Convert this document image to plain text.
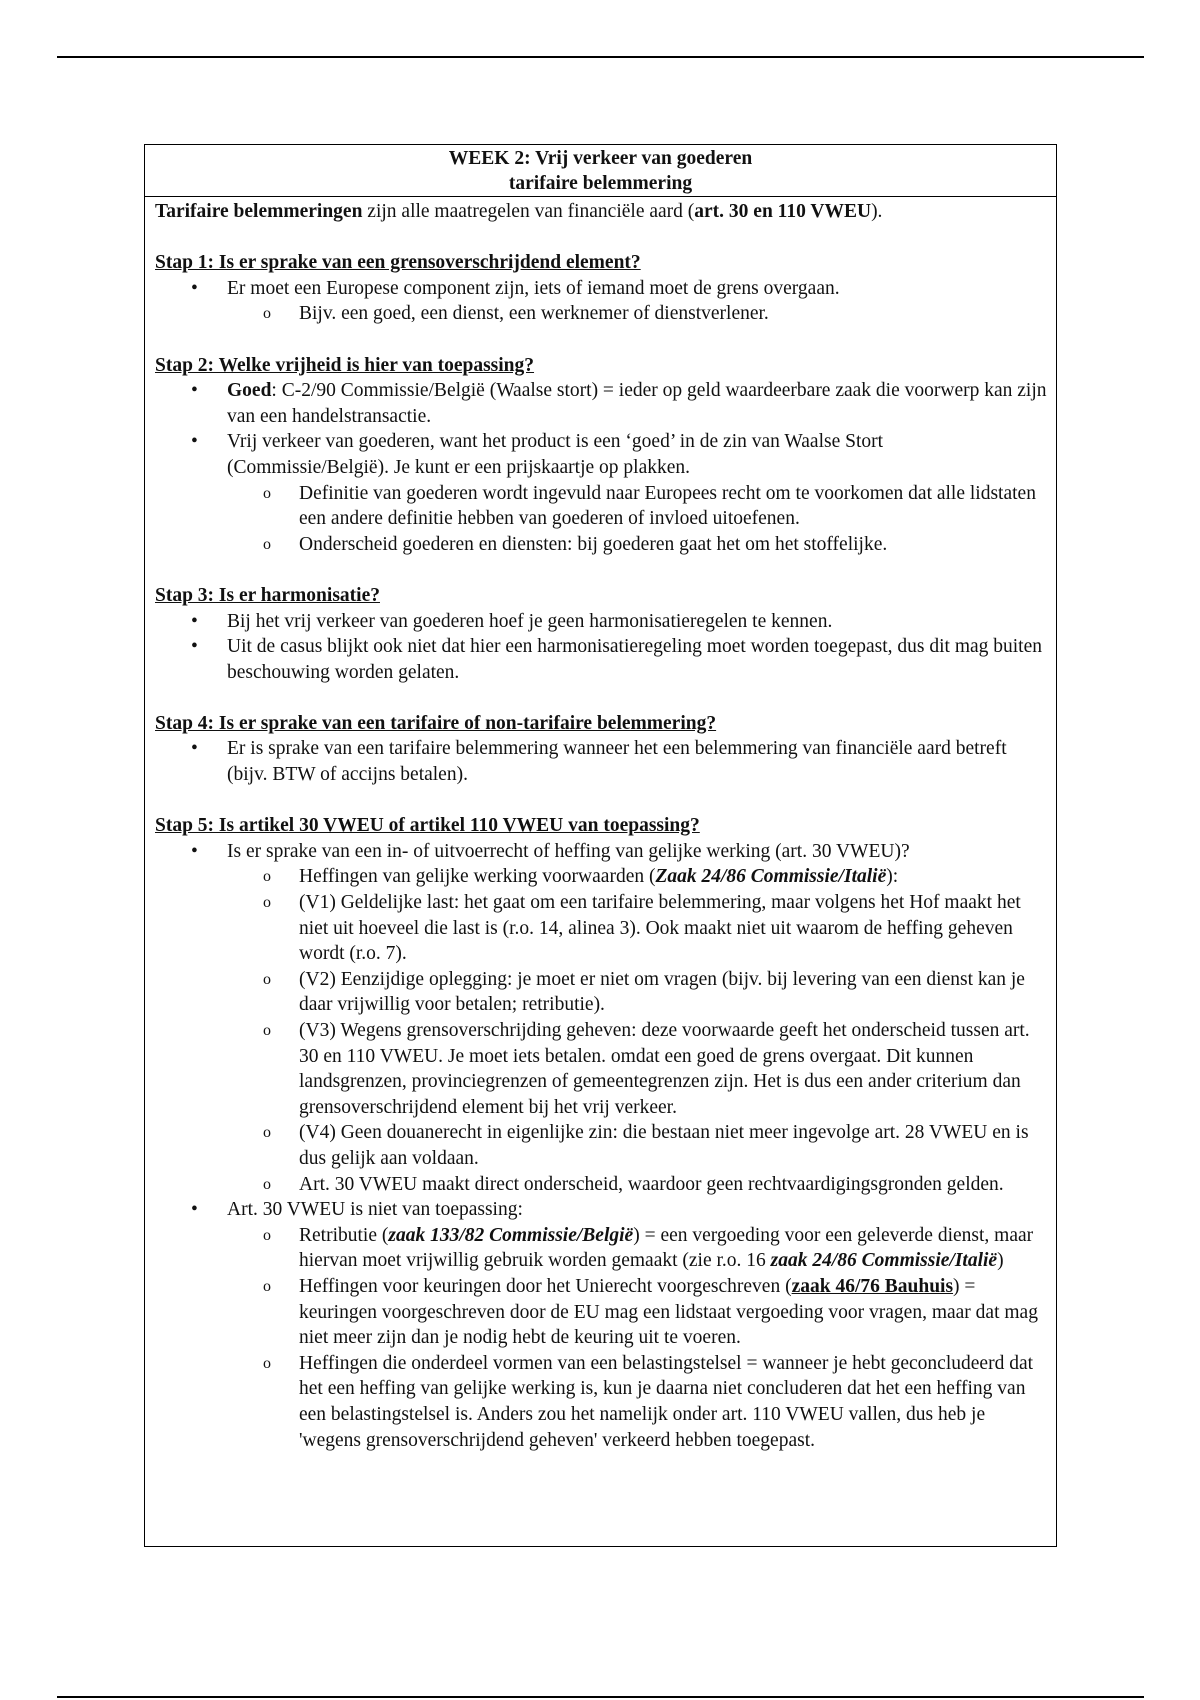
WEEK 2: Vrij verkeer van goederen
tarifaire belemmering

Tarifaire belemmeringen zijn alle maatregelen van financiële aard (art. 30 en 110 VWEU).

Stap 1: Is er sprake van een grensoverschrijdend element?

• Er moet een Europese component zijn, iets of iemand moet de grens overgaan.
o Bijv. een goed, een dienst, een werknemer of dienstverlener.

Stap 2: Welke vrijheid is hier van toepassing?

• Goed: C-2/90 Commissie/België (Waalse stort) = ieder op geld waardeerbare zaak die voorwerp kan zijn van een handelstransactie.
• Vrij verkeer van goederen, want het product is een ‘goed’ in de zin van Waalse Stort (Commissie/België). Je kunt er een prijskaartje op plakken.
o Definitie van goederen wordt ingevuld naar Europees recht om te voorkomen dat alle lidstaten een andere definitie hebben van goederen of invloed uitoefenen.
o Onderscheid goederen en diensten: bij goederen gaat het om het stoffelijke.

Stap 3: Is er harmonisatie?

• Bij het vrij verkeer van goederen hoef je geen harmonisatieregelen te kennen.
• Uit de casus blijkt ook niet dat hier een harmonisatieregeling moet worden toegepast, dus dit mag buiten beschouwing worden gelaten.

Stap 4: Is er sprake van een tarifaire of non-tarifaire belemmering?

• Er is sprake van een tarifaire belemmering wanneer het een belemmering van financiële aard betreft (bijv. BTW of accijns betalen).

Stap 5: Is artikel 30 VWEU of artikel 110 VWEU van toepassing?

• Is er sprake van een in- of uitvoerrecht of heffing van gelijke werking (art. 30 VWEU)?
o Heffingen van gelijke werking voorwaarden (Zaak 24/86 Commissie/Italië):
o (V1) Geldelijke last: het gaat om een tarifaire belemmering, maar volgens het Hof maakt het niet uit hoeveel die last is (r.o. 14, alinea 3). Ook maakt niet uit waarom de heffing geheven wordt (r.o. 7).
o (V2) Eenzijdige oplegging: je moet er niet om vragen (bijv. bij levering van een dienst kan je daar vrijwillig voor betalen; retributie).
o (V3) Wegens grensoverschrijding geheven: deze voorwaarde geeft het onderscheid tussen art. 30 en 110 VWEU. Je moet iets betalen. omdat een goed de grens overgaat. Dit kunnen landsgrenzen, provinciegrenzen of gemeentegrenzen zijn. Het is dus een ander criterium dan grensoverschrijdend element bij het vrij verkeer.
o (V4) Geen douanerecht in eigenlijke zin: die bestaan niet meer ingevolge art. 28 VWEU en is dus gelijk aan voldaan.
o Art. 30 VWEU maakt direct onderscheid, waardoor geen rechtvaardigingsgronden gelden.
• Art. 30 VWEU is niet van toepassing:
o Retributie (zaak 133/82 Commissie/België) = een vergoeding voor een geleverde dienst, maar hiervan moet vrijwillig gebruik worden gemaakt (zie r.o. 16 zaak 24/86 Commissie/Italië)
o Heffingen voor keuringen door het Unierecht voorgeschreven (zaak 46/76 Bauhuis) = keuringen voorgeschreven door de EU mag een lidstaat vergoeding voor vragen, maar dat mag niet meer zijn dan je nodig hebt de keuring uit te voeren.
o Heffingen die onderdeel vormen van een belastingstelsel = wanneer je hebt geconcludeerd dat het een heffing van gelijke werking is, kun je daarna niet concluderen dat het een heffing van een belastingstelsel is. Anders zou het namelijk onder art. 110 VWEU vallen, dus heb je 'wegens grensoverschrijdend geheven' verkeerd hebben toegepast.
